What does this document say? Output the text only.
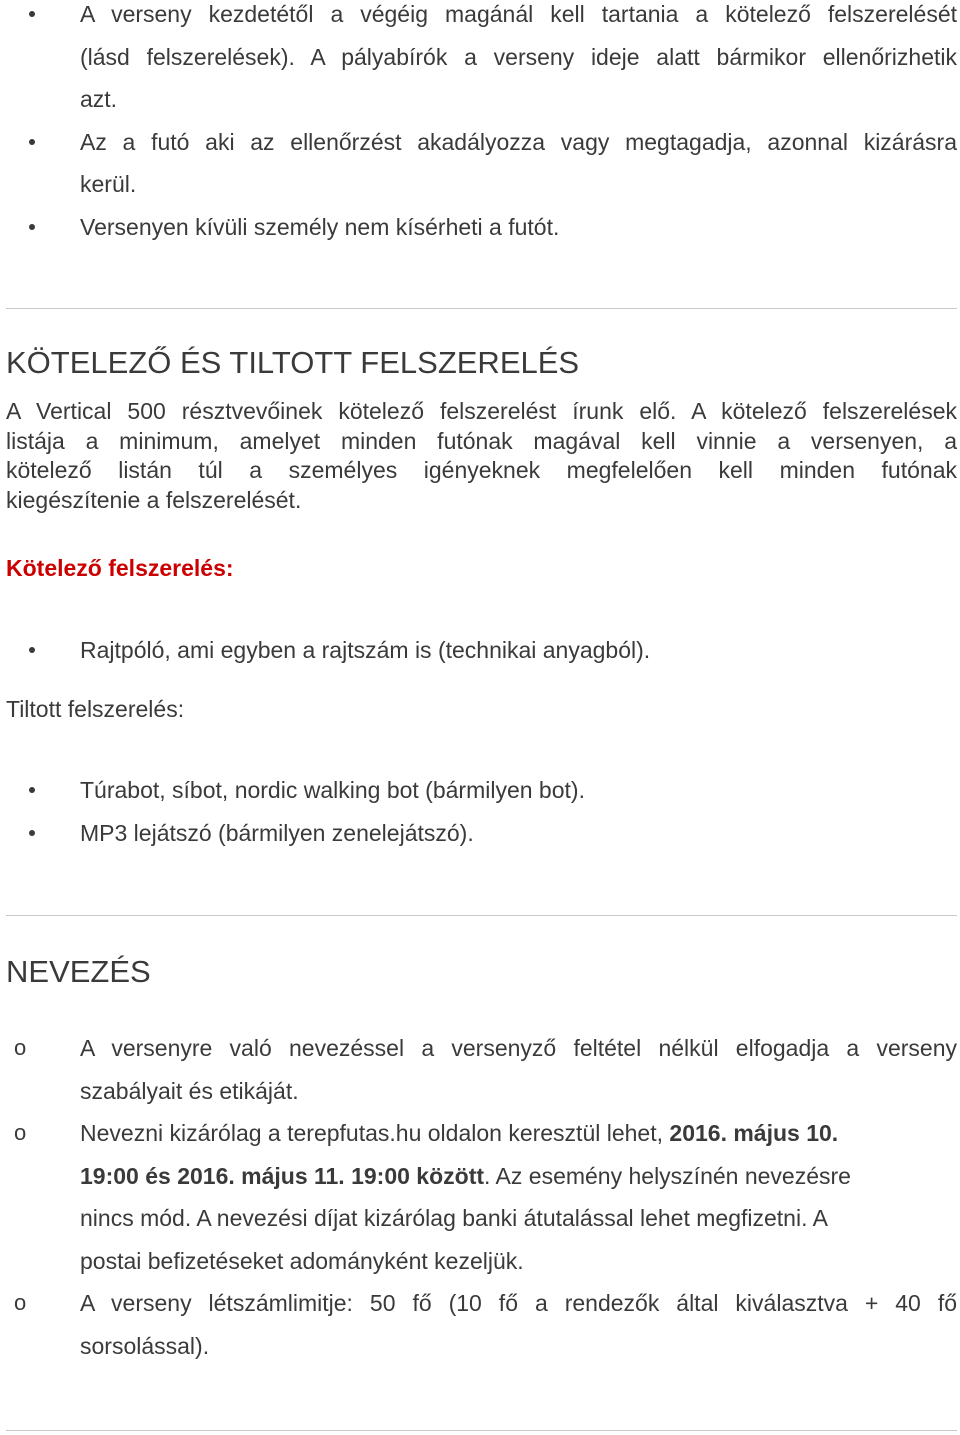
A verseny kezdetétől a végéig magánál kell tartania a kötelező felszerelését
(lásd felszerelések). A pályabírók a verseny ideje alatt bármikor ellenőrizhetik
azt.
Az a futó aki az ellenőrzést akadályozza vagy megtagadja, azonnal kizárásra
kerül.
Versenyen kívüli személy nem kísérheti a futót.
KÖTELEZŐ ÉS TILTOTT FELSZERELÉS
A Vertical 500 résztvevőinek kötelező felszerelést írunk elő. A kötelező felszerelések
listája a minimum, amelyet minden futónak magával kell vinnie a versenyen, a
kötelező listán túl a személyes igényeknek megfelelően kell minden futónak
kiegészítenie a felszerelését.
Kötelező felszerelés:
Rajtpóló, ami egyben a rajtszám is (technikai anyagból).
Tiltott felszerelés:
Túrabot, síbot, nordic walking bot (bármilyen bot).
MP3 lejátszó (bármilyen zenelejátszó).
NEVEZÉS
o A versenyre való nevezéssel a versenyző feltétel nélkül elfogadja a verseny
szabályait és etikáját.
o Nevezni kizárólag a terepfutas.hu oldalon keresztül lehet, 2016. május 10.
19:00 és 2016. május 11. 19:00 között. Az esemény helyszínén nevezésre
nincs mód. A nevezési díjat kizárólag banki átutalással lehet megfizetni. A
postai befizetéseket adományként kezeljük.
o A verseny létszámlimitje: 50 fő (10 fő a rendezők által kiválasztva + 40 fő
sorsolással).
